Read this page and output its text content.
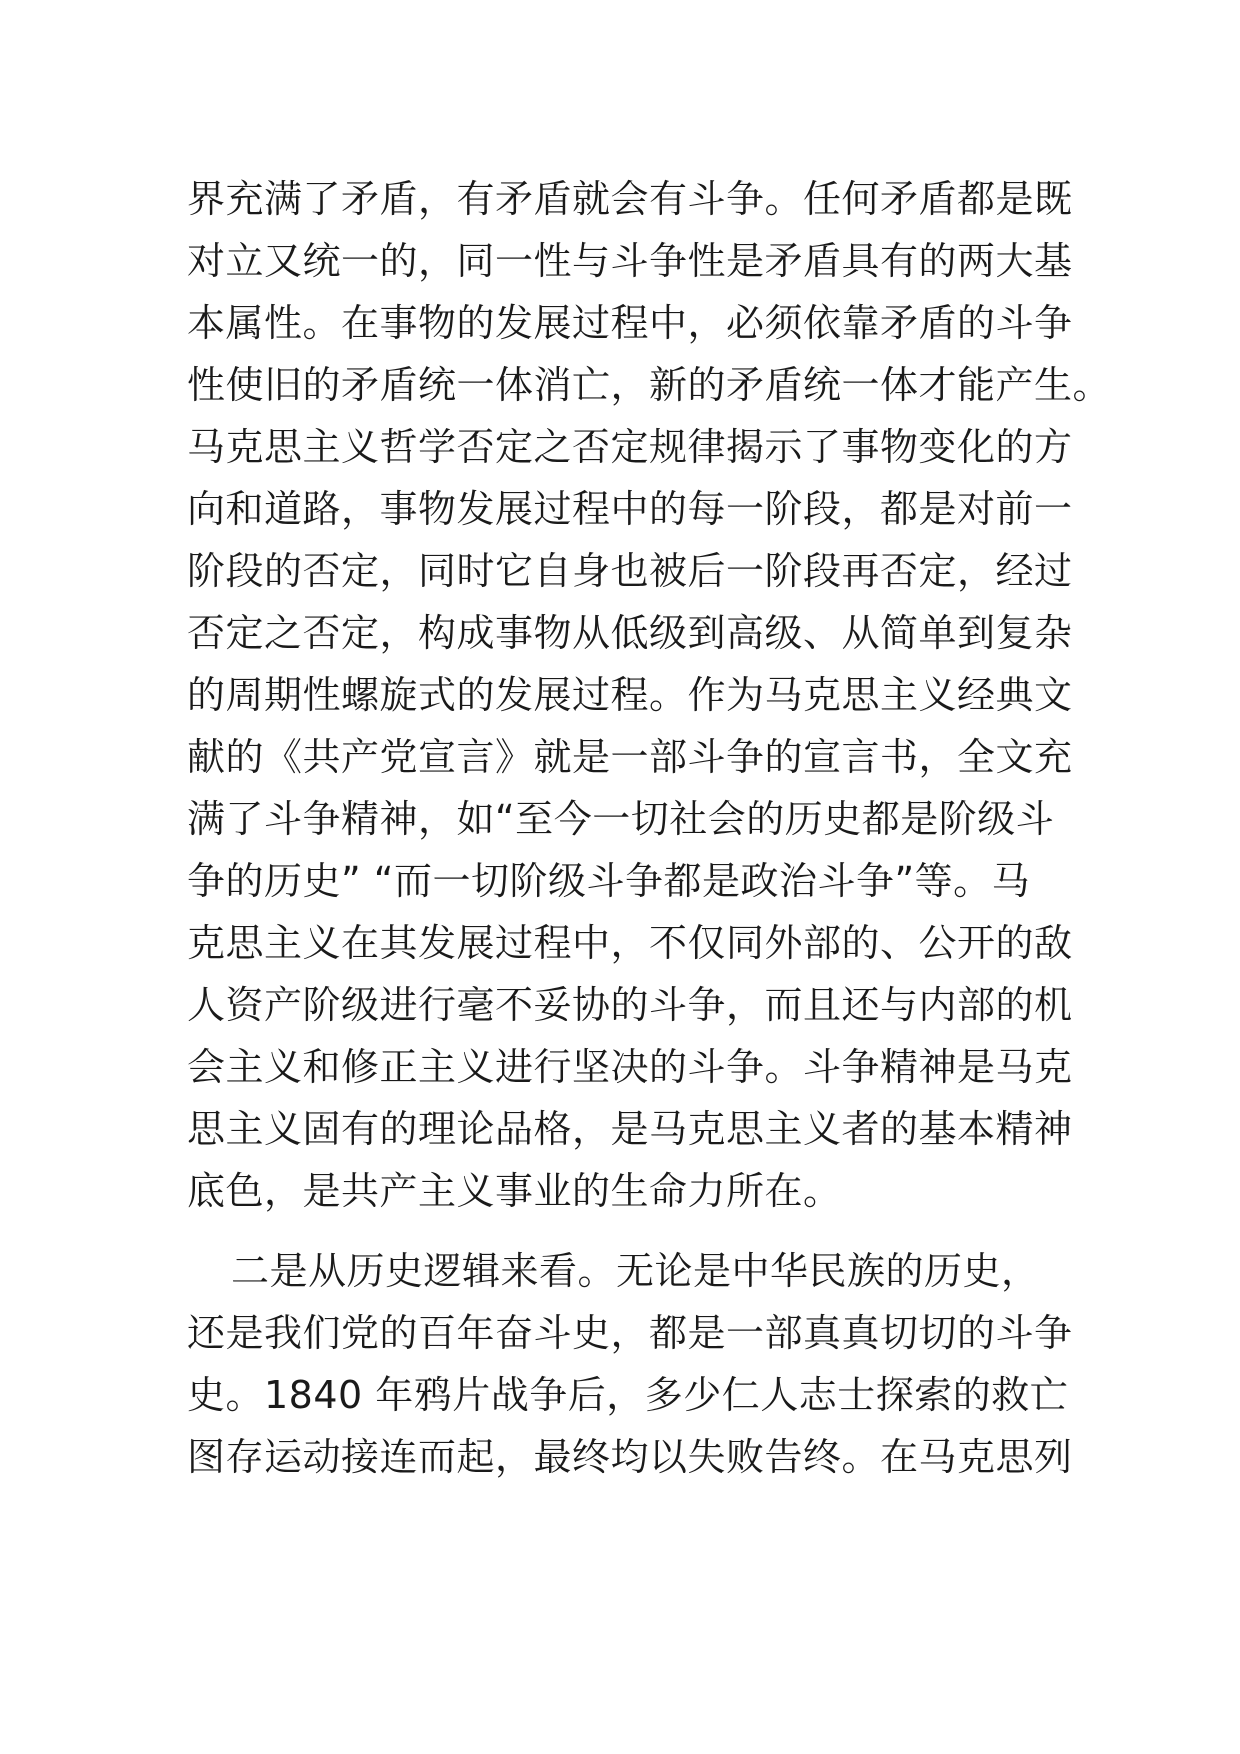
界充满了矛盾，有矛盾就会有斗争。任何矛盾都是既
对立又统一的，同一性与斗争性是矛盾具有的两大基
本属性。在事物的发展过程中，必须依靠矛盾的斗争
性使旧的矛盾统一体消亡，新的矛盾统一体才能产生。
马克思主义哲学否定之否定规律揭示了事物变化的方
向和道路，事物发展过程中的每一阶段，都是对前一
阶段的否定，同时它自身也被后一阶段再否定，经过
否定之否定，构成事物从低级到高级、从简单到复杂
的周期性螺旋式的发展过程。作为马克思主义经典文
献的《共产党宣言》就是一部斗争的宣言书，全文充
满了斗争精神，如“至今一切社会的历史都是阶级斗
争的历史” “而一切阶级斗争都是政治斗争”等。马
克思主义在其发展过程中，不仅同外部的、公开的敌
人资产阶级进行毫不妥协的斗争，而且还与内部的机
会主义和修正主义进行坚决的斗争。斗争精神是马克
思主义固有的理论品格，是马克思主义者的基本精神
底色，是共产主义事业的生命力所在。
二是从历史逻辑来看。无论是中华民族的历史，
还是我们党的百年奋斗史，都是一部真真切切的斗争
史。1840 年鸦片战争后，多少仁人志士探索的救亡
图存运动接连而起，最终均以失败告终。在马克思列
